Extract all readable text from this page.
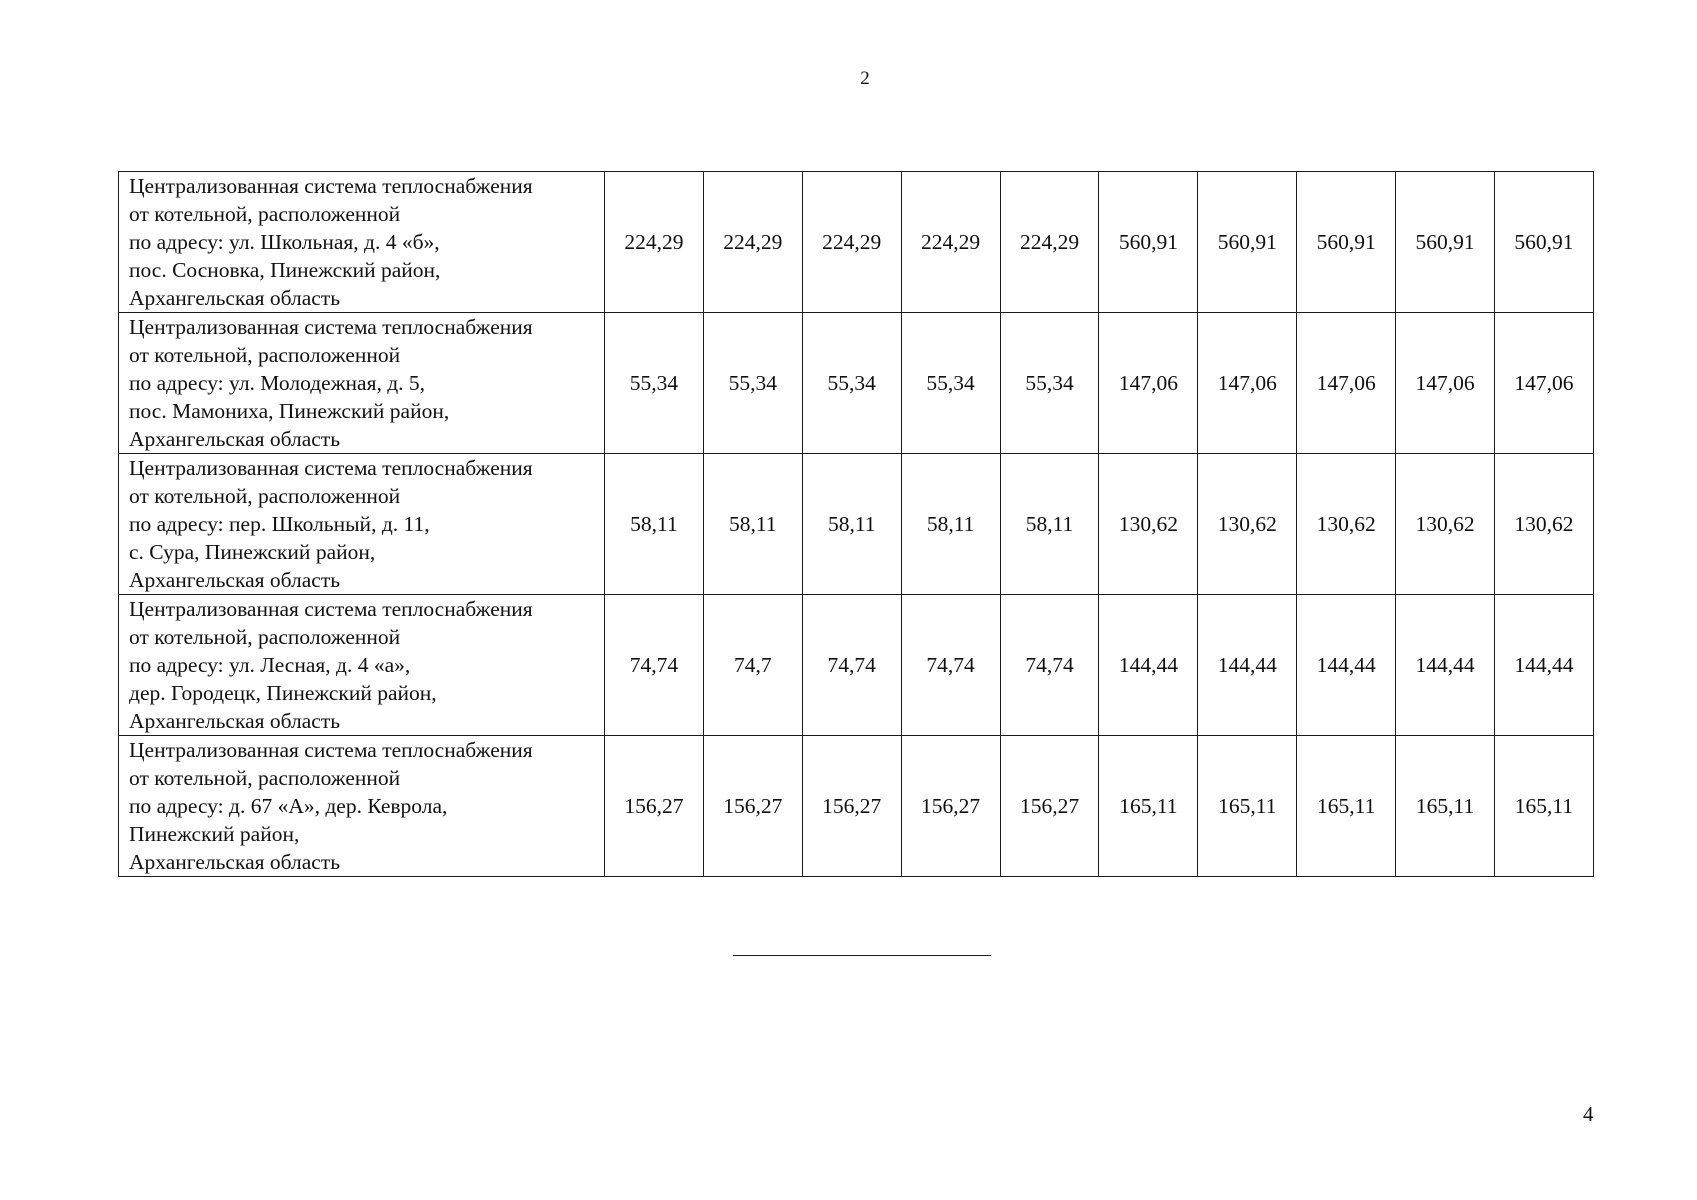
2
Централизованная система теплоснабжения
от котельной, расположенной
по адресу: ул. Школьная, д. 4 «б»,
пос. Сосновка, Пинежский район,
Архангельская область	224,29	224,29	224,29	224,29	224,29	560,91	560,91	560,91	560,91	560,91

Централизованная система теплоснабжения
от котельной, расположенной
по адресу: ул. Молодежная, д. 5,
пос. Мамониха, Пинежский район,
Архангельская область	55,34	55,34	55,34	55,34	55,34	147,06	147,06	147,06	147,06	147,06

Централизованная система теплоснабжения
от котельной, расположенной
по адресу: пер. Школьный, д. 11,
с. Сура, Пинежский район,
Архангельская область	58,11	58,11	58,11	58,11	58,11	130,62	130,62	130,62	130,62	130,62

Централизованная система теплоснабжения
от котельной, расположенной
по адресу: ул. Лесная, д. 4 «а»,
дер. Городецк, Пинежский район,
Архангельская область	74,74	74,7	74,74	74,74	74,74	144,44	144,44	144,44	144,44	144,44

Централизованная система теплоснабжения
от котельной, расположенной
по адресу: д. 67 «А», дер. Кеврола,
Пинежский район,
Архангельская область	156,27	156,27	156,27	156,27	156,27	165,11	165,11	165,11	165,11	165,11
4
